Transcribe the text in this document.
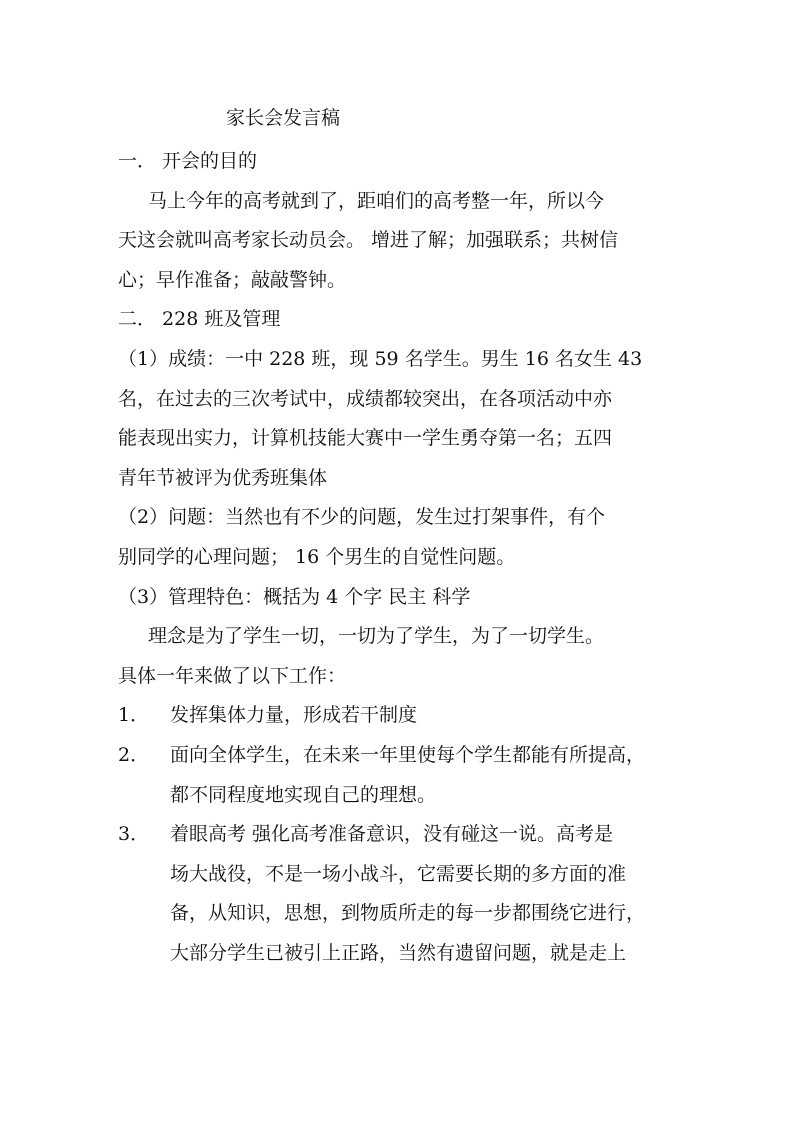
家长会发言稿

一． 开会的目的

马上今年的高考就到了，距咱们的高考整一年，所以今

天这会就叫高考家长动员会。 增进了解；加强联系；共树信

心；早作准备；敲敲警钟。

二． 228 班及管理

（1）成绩：一中 228 班，现 59 名学生。男生 16 名女生 43

名，在过去的三次考试中，成绩都较突出，在各项活动中亦

能表现出实力，计算机技能大赛中一学生勇夺第一名；五四

青年节被评为优秀班集体

（2）问题：当然也有不少的问题，发生过打架事件，有个

别同学的心理问题； 16 个男生的自觉性问题。

（3）管理特色：概括为 4 个字 民主 科学

理念是为了学生一切，一切为了学生，为了一切学生。

具体一年来做了以下工作：

1．	发挥集体力量，形成若干制度
2．	面向全体学生，在未来一年里使每个学生都能有所提高，
都不同程度地实现自己的理想。
3．	着眼高考 强化高考准备意识，没有碰这一说。高考是
场大战役，不是一场小战斗，它需要长期的多方面的准
备，从知识，思想，到物质所走的每一步都围绕它进行，
大部分学生已被引上正路，当然有遗留问题，就是走上
